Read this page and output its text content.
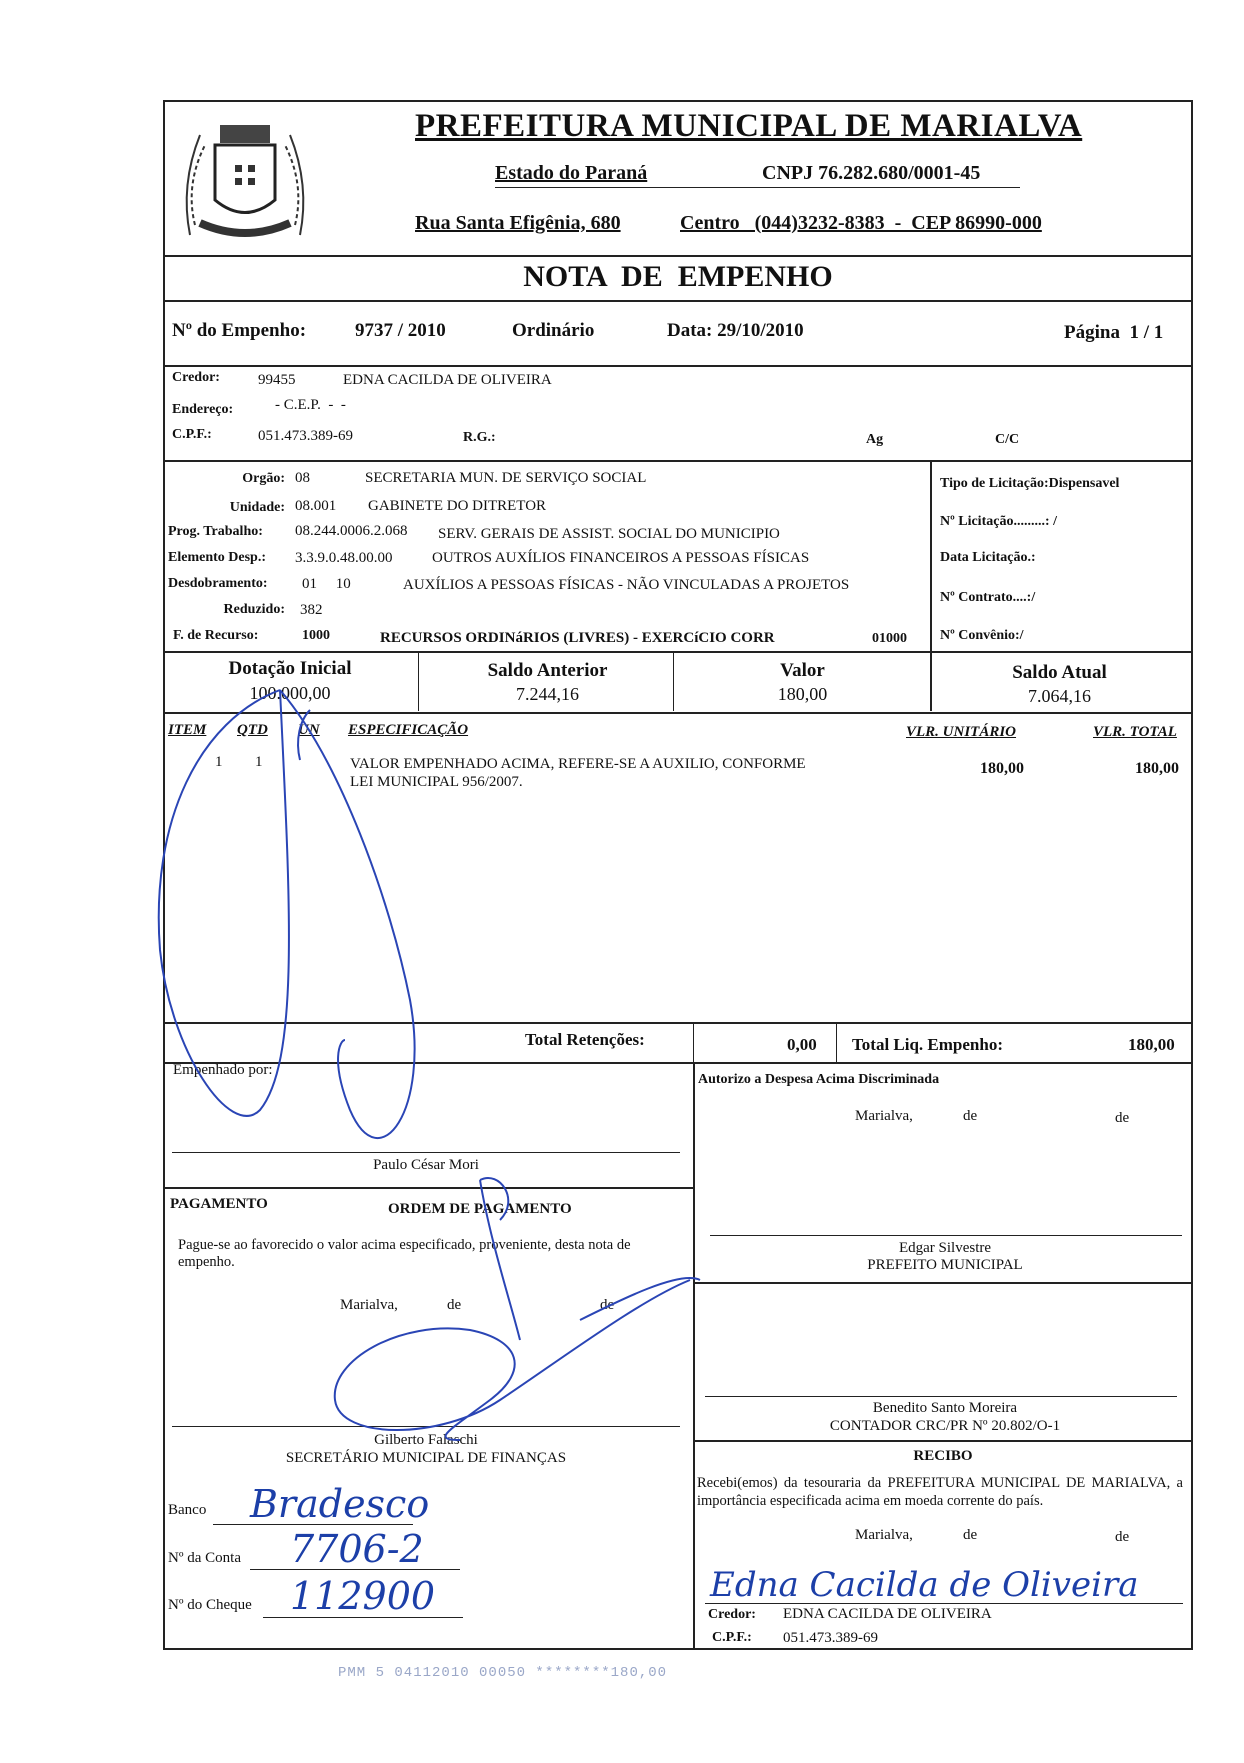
PREFEITURA MUNICIPAL DE MARIALVA
Estado do Paraná	CNPJ 76.282.680/0001-45
Rua Santa Efigênia, 680	Centro   (044)3232-8383  -  CEP 86990-000
NOTA  DE  EMPENHO
Nº do Empenho:	9737 / 2010	Ordinário	Data: 29/10/2010	Página  1 / 1
Credor:	99455	EDNA CACILDA DE OLIVEIRA
Endereço:	- C.E.P.  -  -
C.P.F.:	051.473.389-69	R.G.:	Ag	C/C
Orgão: 08	SECRETARIA MUN. DE SERVIÇO SOCIAL
Unidade: 08.001 GABINETE DO DITRETOR
Prog. Trabalho: 08.244.0006.2.068 SERV. GERAIS DE ASSIST. SOCIAL DO MUNICIPIO
Elemento Desp.: 3.3.9.0.48.00.00	OUTROS AUXÍLIOS FINANCEIROS A PESSOAS FÍSICAS
Desdobramento: 01     10	AUXÍLIOS A PESSOAS FÍSICAS - NÃO VINCULADAS A PROJETOS
Reduzido: 382
F. de Recurso:	1000	RECURSOS ORDINáRIOS (LIVRES) - EXERCíCIO CORR	01000
Tipo de Licitação:Dispensavel
Nº Licitação.........: /
Data Licitação.:
Nº Contrato....:/
Nº Convênio:/
Dotação Inicial
100.000,00
Saldo Anterior
7.244,16
Valor
180,00
Saldo Atual
7.064,16
ITEM QTD UN ESPECIFICAÇÃO	VLR. UNITÁRIO	VLR. TOTAL
1 1	VALOR EMPENHADO ACIMA, REFERE-SE A AUXILIO, CONFORME
LEI MUNICIPAL 956/2007.
180,00	180,00
Total Retenções:	0,00 Total Liq. Empenho:	180,00
Empenhado por:
Paulo César Mori
PAGAMENTO	ORDEM DE PAGAMENTO
Pague-se ao favorecido o valor acima especificado, proveniente, desta nota de empenho.
Marialva,	de	de
Gilberto Falaschi
SECRETÁRIO MUNICIPAL DE FINANÇAS
Banco Bradesco
Nº da Conta 7706-2
Nº do Cheque 112900
Autorizo a Despesa Acima Discriminada
Marialva,	de	de
Edgar Silvestre
PREFEITO MUNICIPAL
Benedito Santo Moreira
CONTADOR CRC/PR Nº 20.802/O-1
RECIBO
Recebi(emos) da tesouraria da PREFEITURA MUNICIPAL DE MARIALVA, a importância especificada acima em moeda corrente do país.
Marialva,	de	de
Edna Cacilda de Oliveira
Credor: EDNA CACILDA DE OLIVEIRA
C.P.F.: 051.473.389-69
PMM 5 04112010 00050 ********180,00
